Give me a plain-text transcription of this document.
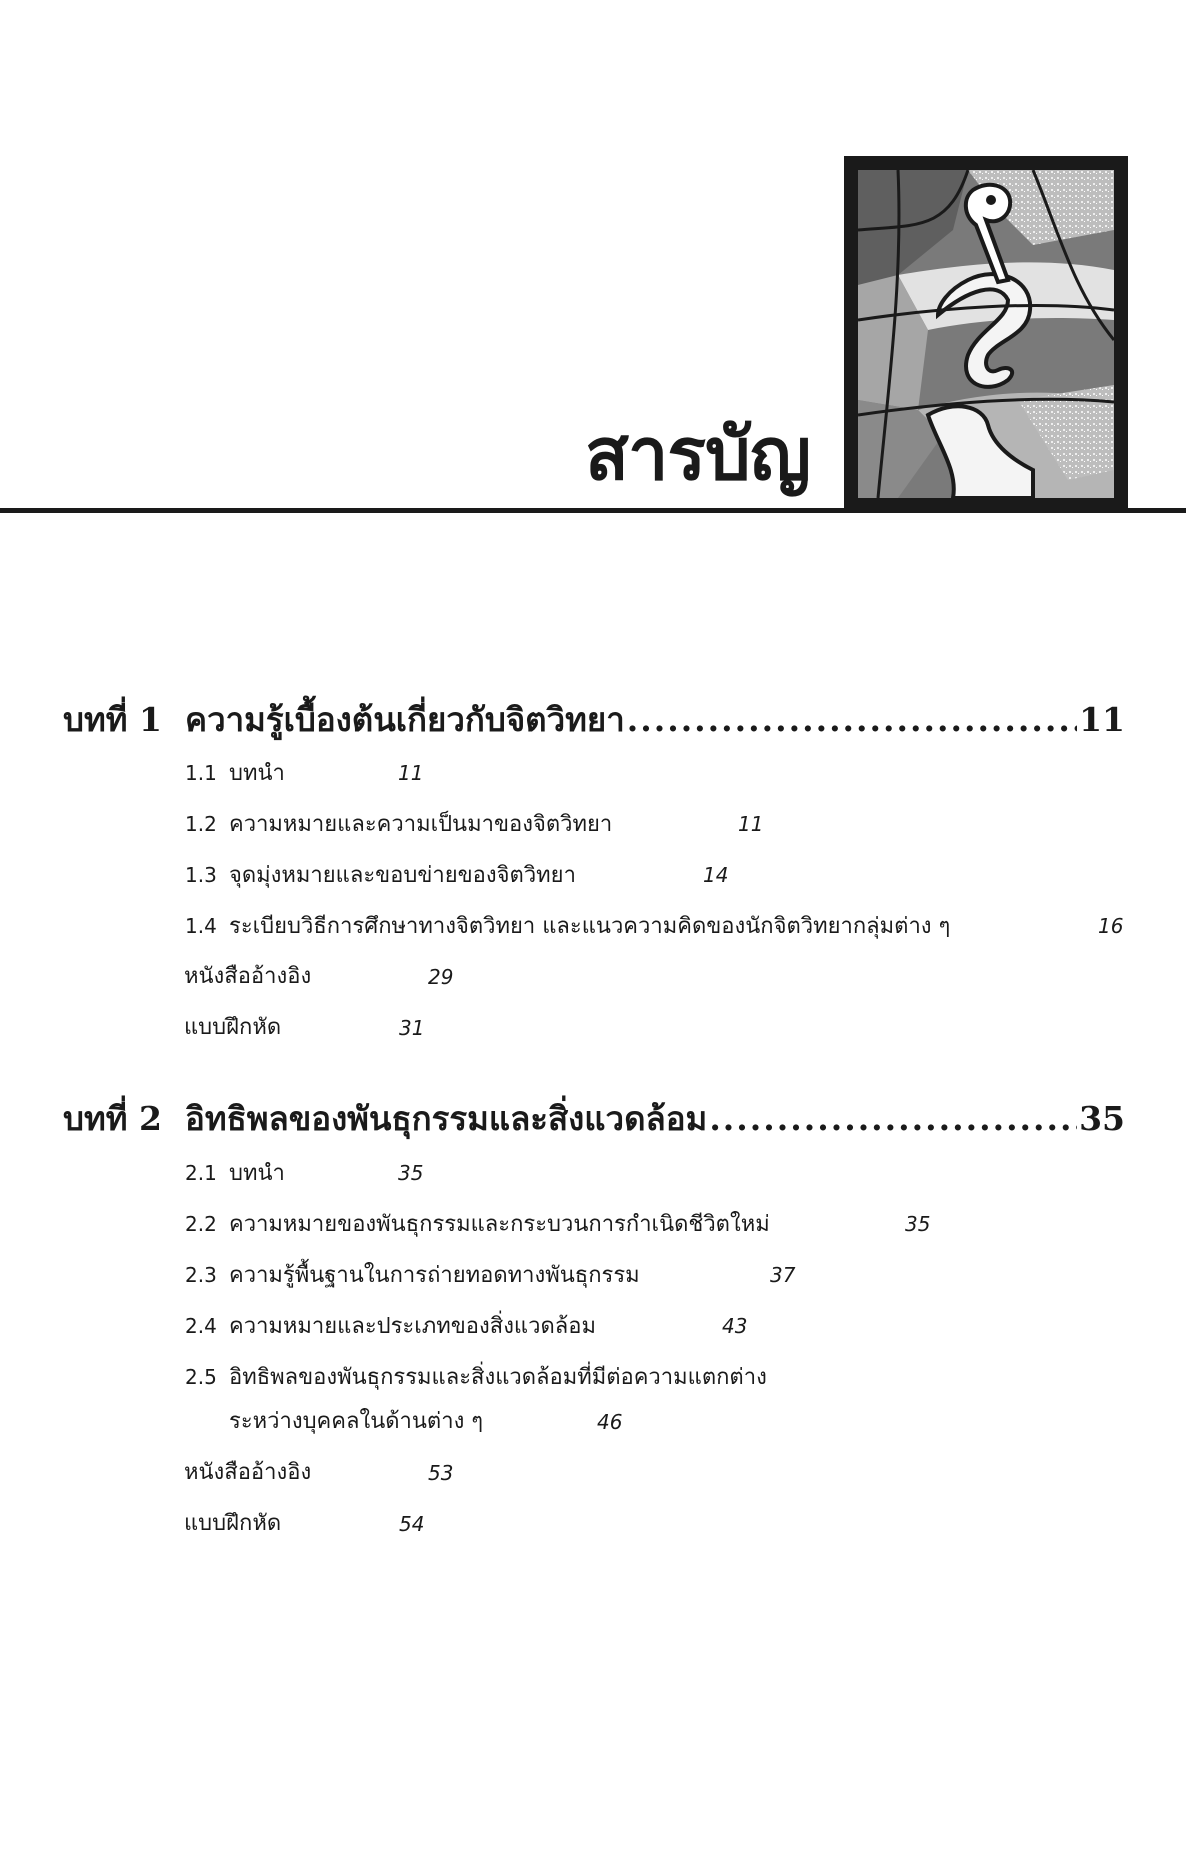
สารบัญ
บทที่ 1 ความรู้เบื้องต้นเกี่ยวกับจิตวิทยา .....	11
1.1 บทนำ	11
1.2 ความหมายและความเป็นมาของจิตวิทยา	11
1.3 จุดมุ่งหมายและขอบข่ายของจิตวิทยา	14
1.4 ระเบียบวิธีการศึกษาทางจิตวิทยา และแนวความคิดของนักจิตวิทยากลุ่มต่าง ๆ	16
หนังสืออ้างอิง	29
แบบฝึกหัด	31
บทที่ 2 อิทธิพลของพันธุกรรมและสิ่งแวดล้อม .....	35
2.1 บทนำ	35
2.2 ความหมายของพันธุกรรมและกระบวนการกำเนิดชีวิตใหม่	35
2.3 ความรู้พื้นฐานในการถ่ายทอดทางพันธุกรรม	37
2.4 ความหมายและประเภทของสิ่งแวดล้อม	43
2.5 อิทธิพลของพันธุกรรมและสิ่งแวดล้อมที่มีต่อความแตกต่าง
ระหว่างบุคคลในด้านต่าง ๆ	46
หนังสืออ้างอิง	53
แบบฝึกหัด	54
